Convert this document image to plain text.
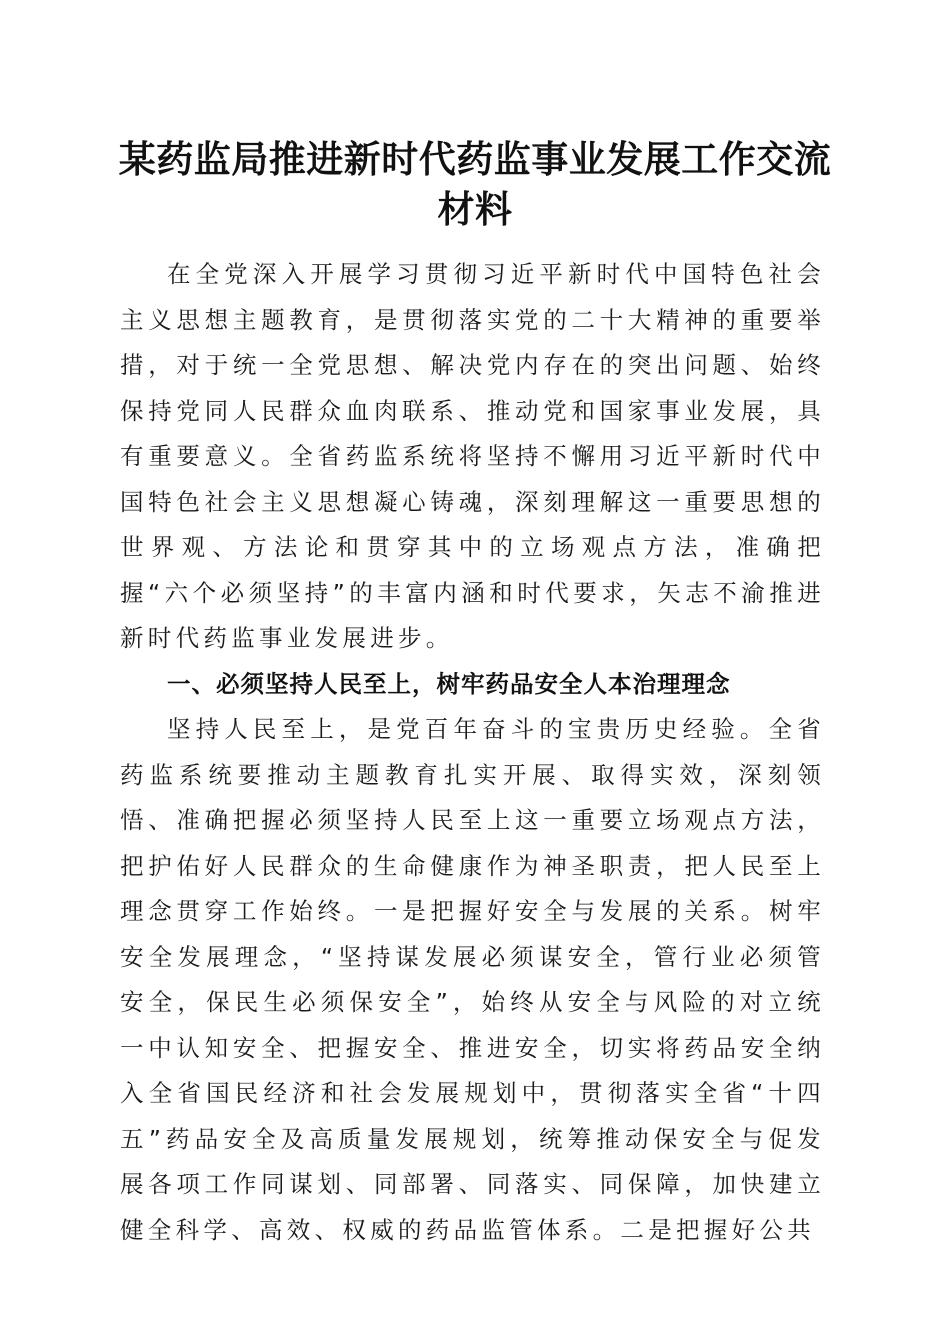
某药监局推进新时代药监事业发展工作交流材料

在全党深入开展学习贯彻习近平新时代中国特色社会主义思想主题教育，是贯彻落实党的二十大精神的重要举措，对于统一全党思想、解决党内存在的突出问题、始终保持党同人民群众血肉联系、推动党和国家事业发展，具有重要意义。全省药监系统将坚持不懈用习近平新时代中国特色社会主义思想凝心铸魂，深刻理解这一重要思想的世界观、方法论和贯穿其中的立场观点方法，准确把握“六个必须坚持”的丰富内涵和时代要求，矢志不渝推进新时代药监事业发展进步。

一、必须坚持人民至上，树牢药品安全人本治理理念

坚持人民至上，是党百年奋斗的宝贵历史经验。全省药监系统要推动主题教育扎实开展、取得实效，深刻领悟、准确把握必须坚持人民至上这一重要立场观点方法，把护佑好人民群众的生命健康作为神圣职责，把人民至上理念贯穿工作始终。一是把握好安全与发展的关系。树牢安全发展理念，“坚持谋发展必须谋安全，管行业必须管安全，保民生必须保安全”，始终从安全与风险的对立统一中认知安全、把握安全、推进安全，切实将药品安全纳入全省国民经济和社会发展规划中，贯彻落实全省“十四五”药品安全及高质量发展规划，统筹推动保安全与促发展各项工作同谋划、同部署、同落实、同保障，加快建立健全科学、高效、权威的药品监管体系。二是把握好公共
